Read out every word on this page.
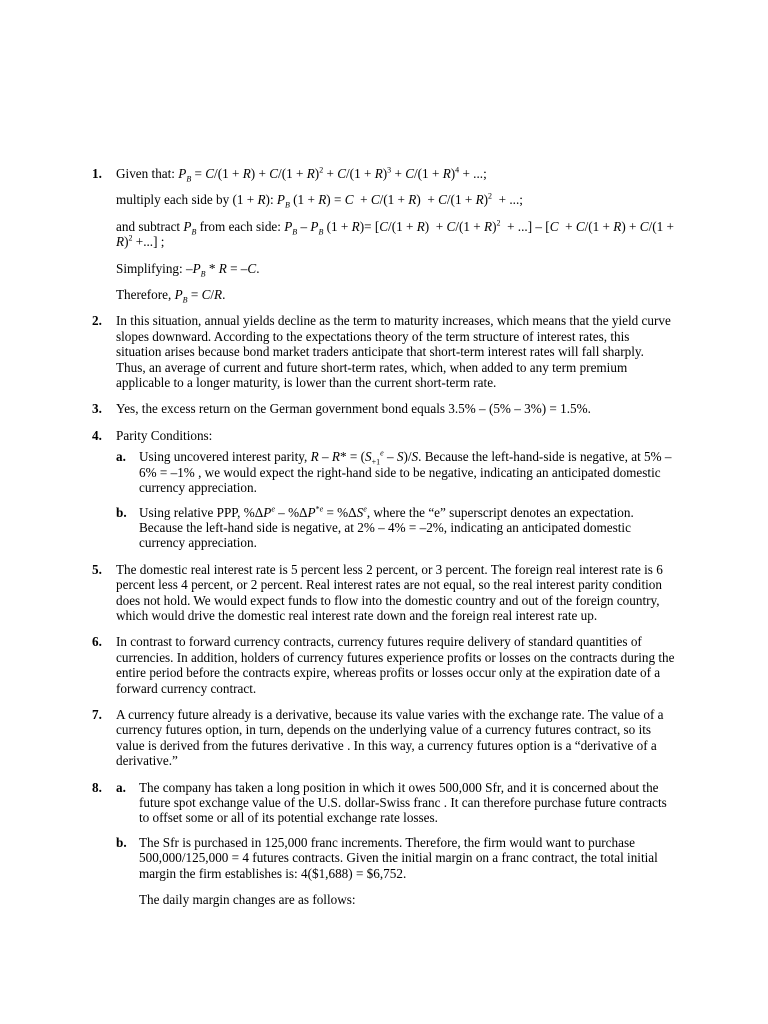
1. Given that: $P_B = C/(1 + R) + C/(1 + R)^2 + C/(1 + R)^3 + C/(1 + R)^4$ + ...;

multiply each side by (1 + R): $P_B$ $(1 + R) = C + C/(1 + R) + C/(1 + R)^2$  + ...;

and subtract $P_B$ from each side: $P_B - P_B$ $(1 + R)= [C/(1 + R) + C/(1 + R)^2$  + ...] – [$C + C/(1 + R) + C/(1 + R)^2$ +...] ;

Simplifying: $-P_B * R = -C$.

Therefore, $P_B = C/R$.

2. In this situation, annual yields decline as the term to maturity increases, which means that the yield curve slopes downward. According to the expectations theory of the term structure of interest rates, this situation arises because bond market traders anticipate that short-term interest rates will fall sharply. Thus, an average of current and future short-term rates, which, when added to any term premium applicable to a longer maturity, is lower than the current short-term rate.

3. Yes, the excess return on the German government bond equals 3.5% – (5% – 3%) = 1.5%.

4. Parity Conditions:

a. Using uncovered interest parity, $R - R* = (S_{+1}^e - S)/S$. Because the left-hand-side is negative, at 5% – 6% = –1% , we would expect the right-hand side to be negative, indicating an anticipated domestic currency appreciation.

b. Using relative PPP, $\%\Delta P^e - \%\Delta P^{*e} = \%\Delta S^e$, where the “e” superscript denotes an expectation. Because the left-hand side is negative, at 2% – 4% = –2%, indicating an anticipated domestic currency appreciation.

5. The domestic real interest rate is 5 percent less 2 percent, or 3 percent. The foreign real interest rate is 6 percent less 4 percent, or 2 percent. Real interest rates are not equal, so the real interest parity condition does not hold. We would expect funds to flow into the domestic country and out of the foreign country, which would drive the domestic real interest rate down and the foreign real interest rate up.

6. In contrast to forward currency contracts, currency futures require delivery of standard quantities of currencies. In addition, holders of currency futures experience profits or losses on the contracts during the entire period before the contracts expire, whereas profits or losses occur only at the expiration date of a forward currency contract.

7. A currency future already is a derivative, because its value varies with the exchange rate. The value of a currency futures option, in turn, depends on the underlying value of a currency futures contract, so its value is derived from the futures derivative . In this way, a currency futures option is a “derivative of a derivative.”

8. a. The company has taken a long position in which it owes 500,000 Sfr, and it is concerned about the future spot exchange value of the U.S. dollar-Swiss franc . It can therefore purchase future contracts to offset some or all of its potential exchange rate losses.

b. The Sfr is purchased in 125,000 franc increments. Therefore, the firm would want to purchase 500,000/125,000 = 4 futures contracts. Given the initial margin on a franc contract, the total initial margin the firm establishes is: 4($1,688) = $6,752.

The daily margin changes are as follows:
